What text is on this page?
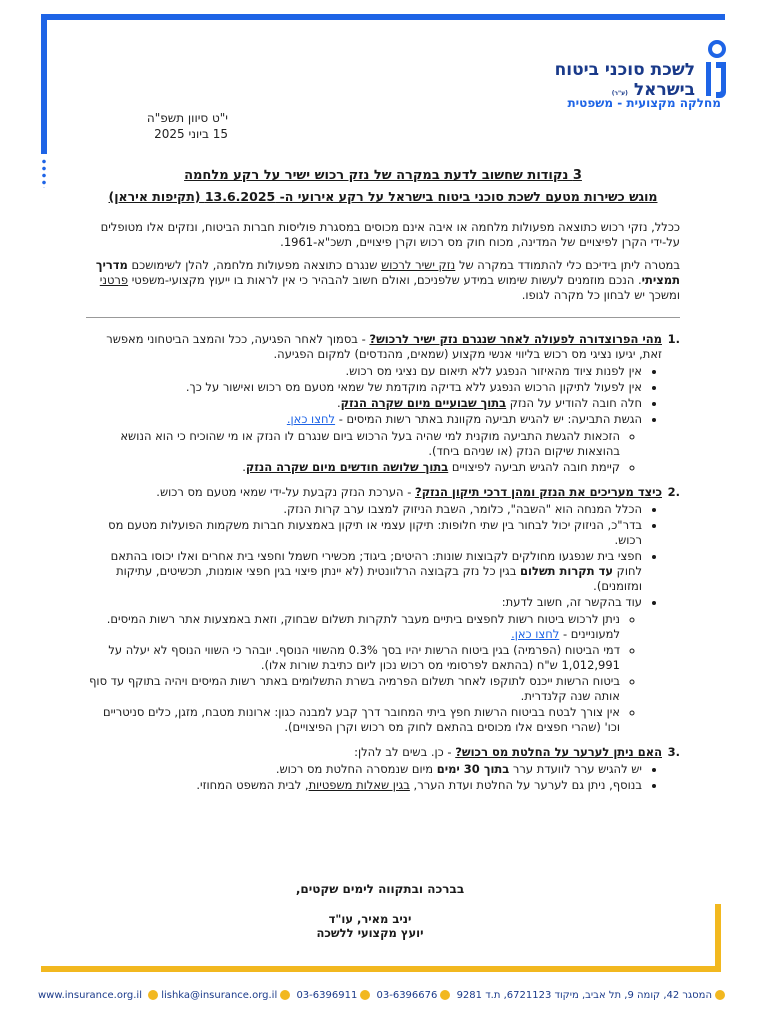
לשכת סוכני ביטוח
בישראל (ע"ר)
מחלקה מקצועית - משפטית
י"ט סיוון תשפ"ה
15 ביוני 2025
3 נקודות שחשוב לדעת במקרה של נזק רכוש ישיר על רקע מלחמה
מוגש כשירות מטעם לשכת סוכני ביטוח בישראל על רקע אירועי ה- 13.6.2025 (תקיפות איראן)

ככלל, נזקי רכוש כתוצאה מפעולות מלחמה או איבה אינם מכוסים במסגרת פוליסות חברות הביטוח, ונזקים אלו מטופלים על-ידי הקרן לפיצויים של המדינה, מכוח חוק מס רכוש וקרן פיצויים, תשכ"א-1961.

במטרה ליתן בידיכם כלי להתמודד במקרה של נזק ישיר לרכוש שנגרם כתוצאה מפעולות מלחמה, להלן לשימושכם מדריך תמציתי. הנכם מוזמנים לעשות שימוש במידע שלפניכם, ואולם חשוב להבהיר כי אין לראות בו ייעוץ מקצועי-משפטי פרטני ומשכך יש לבחון כל מקרה לגופו.

.1
מהי הפרוצדורה לפעולה לאחר שנגרם נזק ישיר לרכוש? - בסמוך לאחר הפגיעה, ככל והמצב הביטחוני מאפשר זאת, יגיעו נציגי מס רכוש בליווי אנשי מקצוע (שמאים, מהנדסים) למקום הפגיעה.
• אין לפנות ציוד מהאיזור הנפגע ללא תיאום עם נציגי מס רכוש.
• אין לפעול לתיקון הרכוש הנפגע ללא בדיקה מוקדמת של שמאי מטעם מס רכוש ואישור על כך.
• חלה חובה להודיע על הנזק בתוך שבועיים מיום שקרה הנזק.
• הגשת התביעה: יש להגיש תביעה מקוונת באתר רשות המיסים - לחצו כאן.
◦ הזכאות להגשת התביעה מוקנית למי שהיה בעל הרכוש ביום שנגרם לו הנזק או מי שהוכיח כי הוא הנושא בהוצאות שיקום הנזק (או שניהם ביחד).
◦ קיימת חובה להגיש תביעה לפיצויים בתוך שלושה חודשים מיום שקרה הנזק.
.2
כיצד מעריכים את הנזק ומהן דרכי תיקון הנזק? - הערכת הנזק נקבעת על-ידי שמאי מטעם מס רכוש.
• הכלל המנחה הוא "השבה", כלומר, השבת הניזוק למצבו ערב קרות הנזק.
• בדר"כ, הניזוק יכול לבחור בין שתי חלופות: תיקון עצמי או תיקון באמצעות חברות משקמות הפועלות מטעם מס רכוש.
• חפצי בית שנפגעו מחולקים לקבוצות שונות: רהיטים; ביגוד; מכשירי חשמל וחפצי בית אחרים ואלו יכוסו בהתאם לחוק עד תקרות תשלום בגין כל נזק בקבוצה הרלוונטית (לא יינתן פיצוי בגין חפצי אומנות, תכשיטים, עתיקות ומזומנים).
• עוד בהקשר זה, חשוב לדעת:
◦ ניתן לרכוש ביטוח רשות לחפצים ביתיים מעבר לתקרות תשלום שבחוק, וזאת באמצעות אתר רשות המיסים. למעוניינים - לחצו כאן.
◦ דמי הביטוח (הפרמיה) בגין ביטוח הרשות יהיו בסך 0.3% מהשווי הנוסף. יובהר כי השווי הנוסף לא יעלה על 1,012,991 ש"ח (בהתאם לפרסומי מס רכוש נכון ליום כתיבת שורות אלו).
◦ ביטוח הרשות ייכנס לתוקפו לאחר תשלום הפרמיה בשרת התשלומים באתר רשות המיסים ויהיה בתוקף עד סוף אותה שנה קלנדרית.
◦ אין צורך לבטח בביטוח הרשות חפץ ביתי המחובר דרך קבע למבנה כגון: ארונות מטבח, מזגן, כלים סניטריים וכו' (שהרי חפצים אלו מכוסים בהתאם לחוק מס רכוש וקרן הפיצויים).
.3
האם ניתן לערער על החלטת מס רכוש? - כן. בשים לב להלן:
• יש להגיש ערר לוועדת ערר בתוך 30 ימים מיום שנמסרה החלטת מס רכוש.
• בנוסף, ניתן גם לערער על החלטת ועדת הערר, בגין שאלות משפטיות, לבית המשפט המחוזי.
בברכה ובתקווה לימים שקטים,
יניב מאיר, עו"ד
יועץ מקצועי ללשכה
המסגר 42, קומה 9, תל אביב, מיקוד 6721123, ת.ד 9281 03-6396676 03-6396911 www.insurance.org.il lishka@insurance.org.il
